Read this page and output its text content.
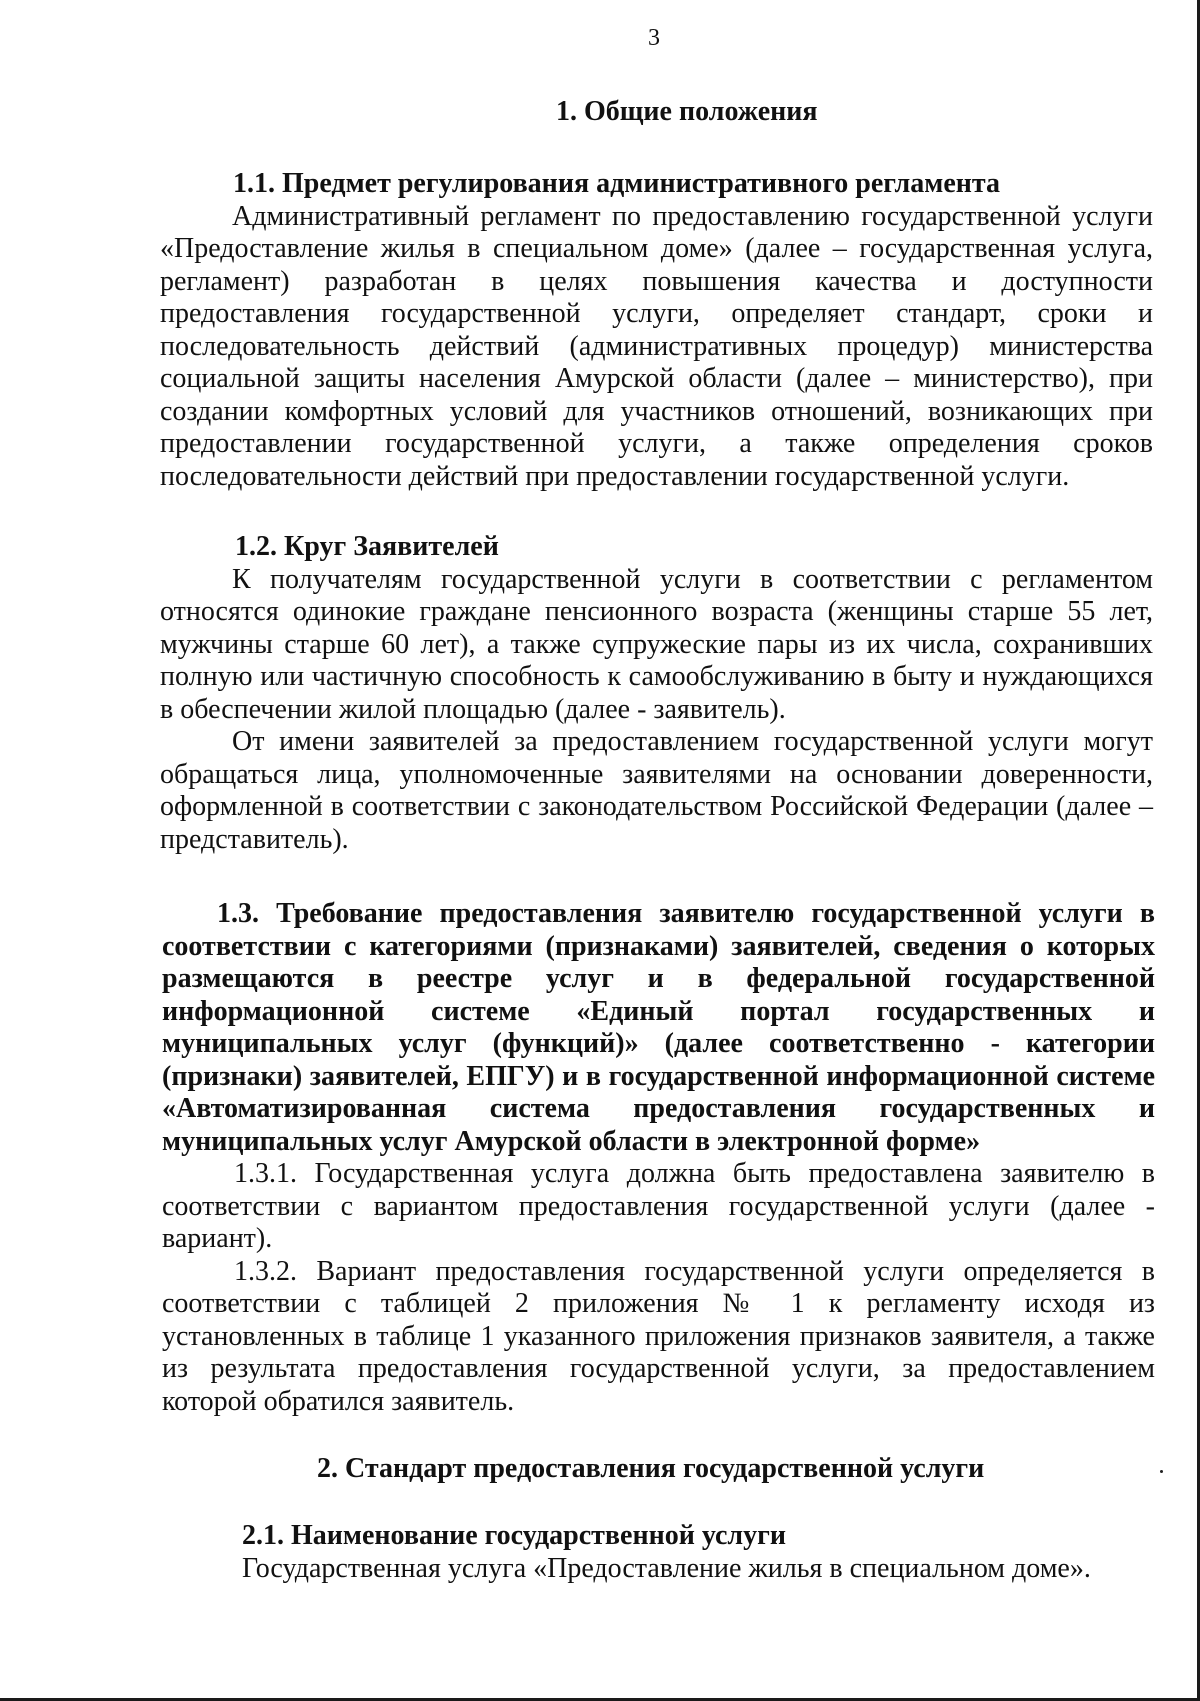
3
1. Общие положения

1.1. Предмет регулирования административного регламента

Административный регламент по предоставлению государственной услуги «Предоставление жилья в специальном доме» (далее – государственная услуга, регламент) разработан в целях повышения качества и доступности предоставления государственной услуги, определяет стандарт, сроки и последовательность действий (административных процедур) министерства социальной защиты населения Амурской области (далее – министерство), при создании комфортных условий для участников отношений, возникающих при предоставлении государственной услуги, а также определения сроков последовательности действий при предоставлении государственной услуги.

1.2. Круг Заявителей

К получателям государственной услуги в соответствии с регламентом относятся одинокие граждане пенсионного возраста (женщины старше 55 лет, мужчины старше 60 лет), а также супружеские пары из их числа, сохранивших полную или частичную способность к самообслуживанию в быту и нуждающихся в обеспечении жилой площадью (далее - заявитель).

От имени заявителей за предоставлением государственной услуги могут обращаться лица, уполномоченные заявителями на основании доверенности, оформленной в соответствии с законодательством Российской Федерации (далее – представитель).

1.3. Требование предоставления заявителю государственной услуги в соответствии с категориями (признаками) заявителей, сведения о которых размещаются в реестре услуг и в федеральной государственной информационной системе «Единый портал государственных и муниципальных услуг (функций)» (далее соответственно - категории (признаки) заявителей, ЕПГУ) и в государственной информационной системе «Автоматизированная система предоставления государственных и муниципальных услуг Амурской области в электронной форме»

1.3.1. Государственная услуга должна быть предоставлена заявителю в соответствии с вариантом предоставления государственной услуги (далее - вариант).

1.3.2. Вариант предоставления государственной услуги определяется в соответствии с таблицей 2 приложения № 1 к регламенту исходя из установленных в таблице 1 указанного приложения признаков заявителя, а также из результата предоставления государственной услуги, за предоставлением которой обратился заявитель.

2. Стандарт предоставления государственной услуги

2.1. Наименование государственной услуги

Государственная услуга «Предоставление жилья в специальном доме».
